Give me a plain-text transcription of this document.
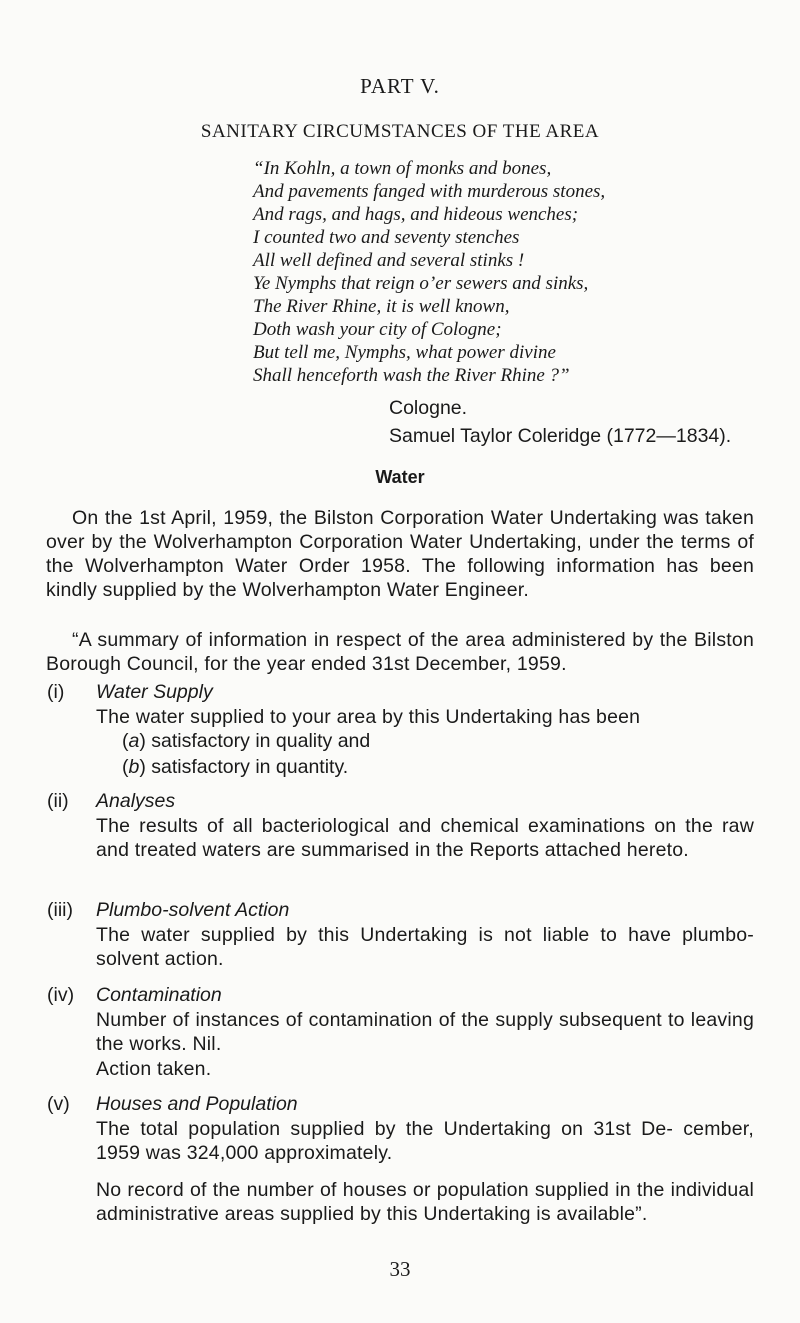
PART V.
SANITARY CIRCUMSTANCES OF THE AREA
“In Kohln, a town of monks and bones,
And pavements fanged with murderous stones,
And rags, and hags, and hideous wenches;
I counted two and seventy stenches
All well defined and several stinks !
Ye Nymphs that reign o’er sewers and sinks,
The River Rhine, it is well known,
Doth wash your city of Cologne;
But tell me, Nymphs, what power divine
Shall henceforth wash the River Rhine ?”
Cologne.
Samuel Taylor Coleridge (1772—1834).
Water
On the 1st April, 1959, the Bilston Corporation Water Undertaking was taken over by the Wolverhampton Corporation Water Undertaking, under the terms of the Wolverhampton Water Order 1958. The following information has been kindly supplied by the Wolverhampton Water Engineer.
“A summary of information in respect of the area administered by the Bilston Borough Council, for the year ended 31st December, 1959.
(i) Water Supply
The water supplied to your area by this Undertaking has been
(a) satisfactory in quality and
(b) satisfactory in quantity.
(ii) Analyses
The results of all bacteriological and chemical examinations on the raw and treated waters are summarised in the Reports attached hereto.
(iii) Plumbo-solvent Action
The water supplied by this Undertaking is not liable to have plumbo-solvent action.
(iv) Contamination
Number of instances of contamination of the supply subsequent to leaving the works. Nil.
Action taken.
(v) Houses and Population
The total population supplied by the Undertaking on 31st De- cember, 1959 was 324,000 approximately.
No record of the number of houses or population supplied in the individual administrative areas supplied by this Undertaking is available”.
33
